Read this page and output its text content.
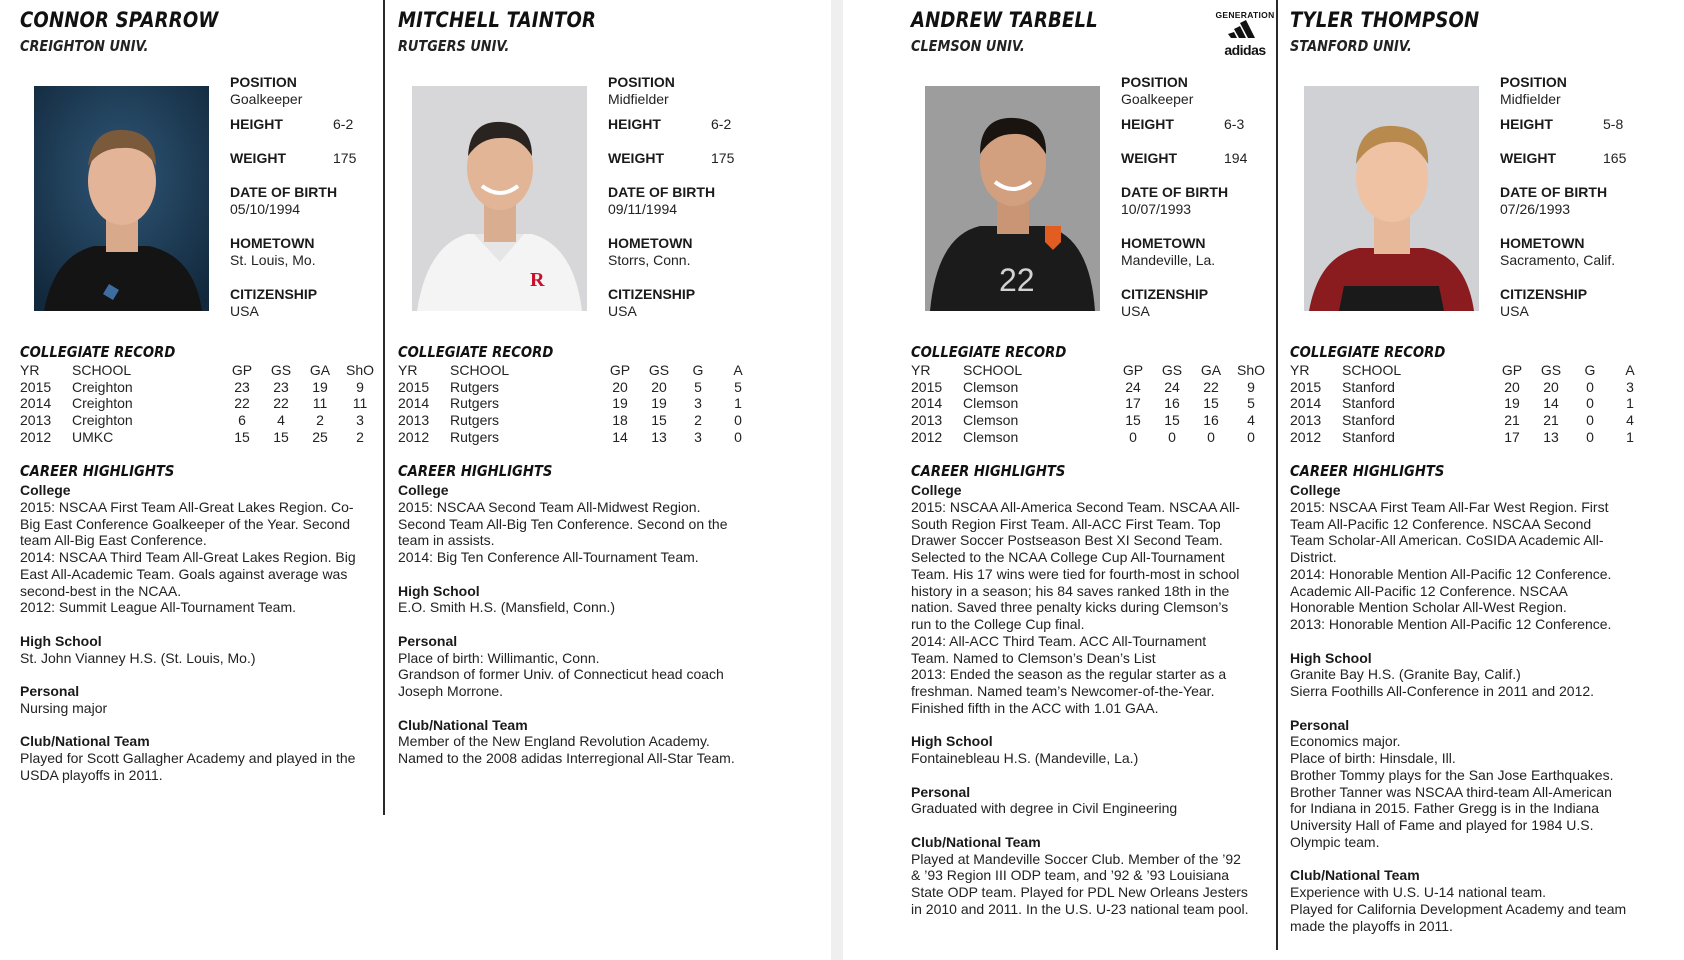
GENERATION
adidas
CONNOR SPARROW
CREIGHTON UNIV.
POSITION
Goalkeeper
HEIGHT	6-2
WEIGHT	175
DATE OF BIRTH
05/10/1994
HOMETOWN
St. Louis, Mo.
CITIZENSHIP
USA
COLLEGIATE RECORD
YR SCHOOL	GP	GS	GA	ShO
2015 Creighton	23	23	19	9
2014 Creighton	22	22	11	11
2013 Creighton	6	4	2	3
2012 UMKC	15	15	25	2
CAREER HIGHLIGHTS
College
2015: NSCAA First Team All-Great Lakes Region. Co-
Big East Conference Goalkeeper of the Year. Second
team All-Big East Conference.
2014: NSCAA Third Team All-Great Lakes Region. Big
East All-Academic Team. Goals against average was
second-best in the NCAA.
2012: Summit League All-Tournament Team.
High School
St. John Vianney H.S. (St. Louis, Mo.)
Personal
Nursing major
Club/National Team
Played for Scott Gallagher Academy and played in the
USDA playoffs in 2011.
MITCHELL TAINTOR
RUTGERS UNIV.
R
POSITION
Midfielder
HEIGHT	6-2
WEIGHT	175
DATE OF BIRTH
09/11/1994
HOMETOWN
Storrs, Conn.
CITIZENSHIP
USA
COLLEGIATE RECORD
YR SCHOOL	GP	GS	G	A
2015 Rutgers	20	20	5	5
2014 Rutgers	19	19	3	1
2013 Rutgers	18	15	2	0
2012 Rutgers	14	13	3	0
CAREER HIGHLIGHTS
College
2015: NSCAA Second Team All-Midwest Region.
Second Team All-Big Ten Conference. Second on the
team in assists.
2014: Big Ten Conference All-Tournament Team.
High School
E.O. Smith H.S. (Mansfield, Conn.)
Personal
Place of birth: Willimantic, Conn.
Grandson of former Univ. of Connecticut head coach
Joseph Morrone.
Club/National Team
Member of the New England Revolution Academy.
Named to the 2008 adidas Interregional All-Star Team.
ANDREW TARBELL
CLEMSON UNIV.
22
POSITION
Goalkeeper
HEIGHT	6-3
WEIGHT	194
DATE OF BIRTH
10/07/1993
HOMETOWN
Mandeville, La.
CITIZENSHIP
USA
COLLEGIATE RECORD
YR SCHOOL	GP	GS	GA	ShO
2015 Clemson	24	24	22	9
2014 Clemson	17	16	15	5
2013 Clemson	15	15	16	4
2012 Clemson	0	0	0	0
CAREER HIGHLIGHTS
College
2015: NSCAA All-America Second Team. NSCAA All-
South Region First Team. All-ACC First Team. Top
Drawer Soccer Postseason Best XI Second Team.
Selected to the NCAA College Cup All-Tournament
Team. His 17 wins were tied for fourth-most in school
history in a season; his 84 saves ranked 18th in the
nation. Saved three penalty kicks during Clemson’s
run to the College Cup final.
2014: All-ACC Third Team. ACC All-Tournament
Team. Named to Clemson’s Dean’s List
2013: Ended the season as the regular starter as a
freshman. Named team’s Newcomer-of-the-Year.
Finished fifth in the ACC with 1.01 GAA.
High School
Fontainebleau H.S. (Mandeville, La.)
Personal
Graduated with degree in Civil Engineering
Club/National Team
Played at Mandeville Soccer Club. Member of the ’92
& ’93 Region III ODP team, and ’92 & ’93 Louisiana
State ODP team. Played for PDL New Orleans Jesters
in 2010 and 2011. In the U.S. U-23 national team pool.
TYLER THOMPSON
STANFORD UNIV.
POSITION
Midfielder
HEIGHT	5-8
WEIGHT	165
DATE OF BIRTH
07/26/1993
HOMETOWN
Sacramento, Calif.
CITIZENSHIP
USA
COLLEGIATE RECORD
YR SCHOOL	GP	GS	G	A
2015 Stanford	20	20	0	3
2014 Stanford	19	14	0	1
2013 Stanford	21	21	0	4
2012 Stanford	17	13	0	1
CAREER HIGHLIGHTS
College
2015: NSCAA First Team All-Far West Region. First
Team All-Pacific 12 Conference. NSCAA Second
Team Scholar-All American. CoSIDA Academic All-
District.
2014: Honorable Mention All-Pacific 12 Conference.
Academic All-Pacific 12 Conference. NSCAA
Honorable Mention Scholar All-West Region.
2013: Honorable Mention All-Pacific 12 Conference.
High School
Granite Bay H.S. (Granite Bay, Calif.)
Sierra Foothills All-Conference in 2011 and 2012.
Personal
Economics major.
Place of birth: Hinsdale, Ill.
Brother Tommy plays for the San Jose Earthquakes.
Brother Tanner was NSCAA third-team All-American
for Indiana in 2015. Father Gregg is in the Indiana
University Hall of Fame and played for 1984 U.S.
Olympic team.
Club/National Team
Experience with U.S. U-14 national team.
Played for California Development Academy and team
made the playoffs in 2011.
